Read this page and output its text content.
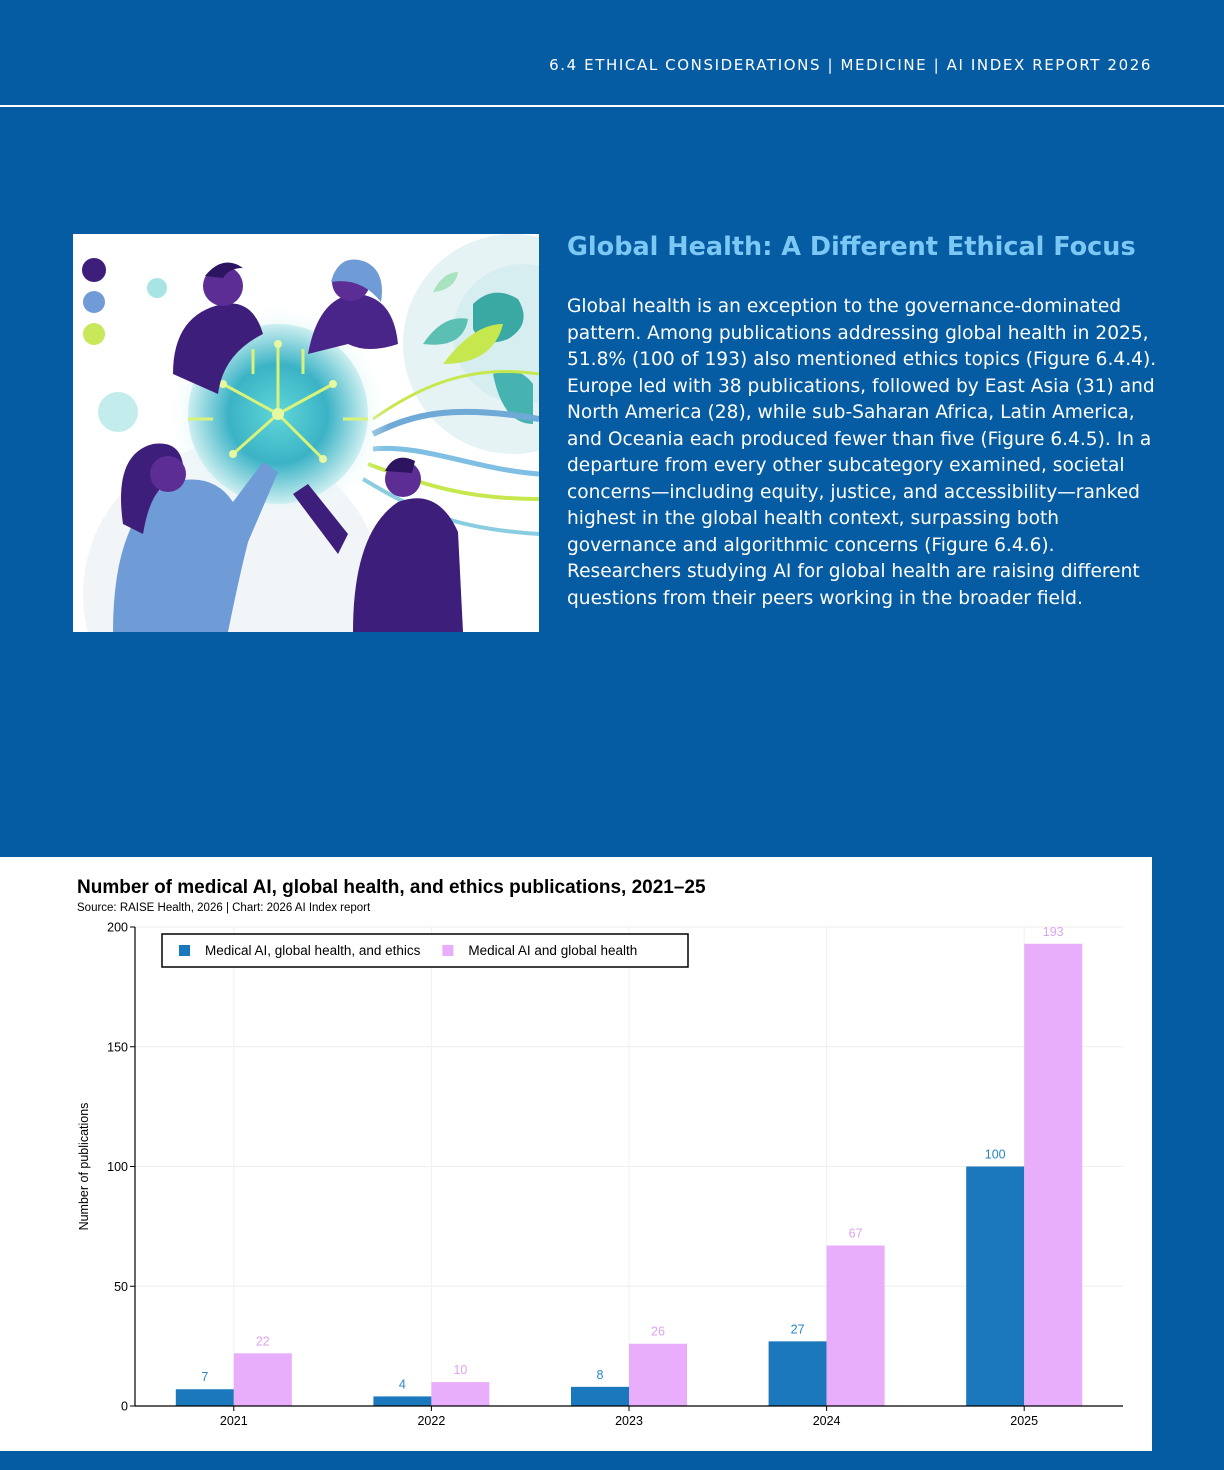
6.4 ETHICAL CONSIDERATIONS | MEDICINE | AI INDEX REPORT 2026
Global Health: A Different Ethical Focus

Global health is an exception to the governance-dominated pattern. Among publications addressing global health in 2025, 51.8% (100 of 193) also mentioned ethics topics (Figure 6.4.4). Europe led with 38 publications, followed by East Asia (31) and North America (28), while sub-Saharan Africa, Latin America, and Oceania each produced fewer than five (Figure 6.4.5). In a departure from every other subcategory examined, societal concerns—including equity, justice, and accessibility—ranked highest in the global health context, surpassing both governance and algorithmic concerns (Figure 6.4.6). Researchers studying AI for global health are raising different questions from their peers working in the broader field.

Number of medical AI, global health, and ethics publications, 2021–25
Source: RAISE Health, 2026 | Chart: 2026 AI Index report
7
4
8
27
100
22
10
26
67
193
0
50
100
150
200
2021	2022	2023	2024	2025
Number of publications
Medical AI, global health, and ethics	Medical AI and global health
